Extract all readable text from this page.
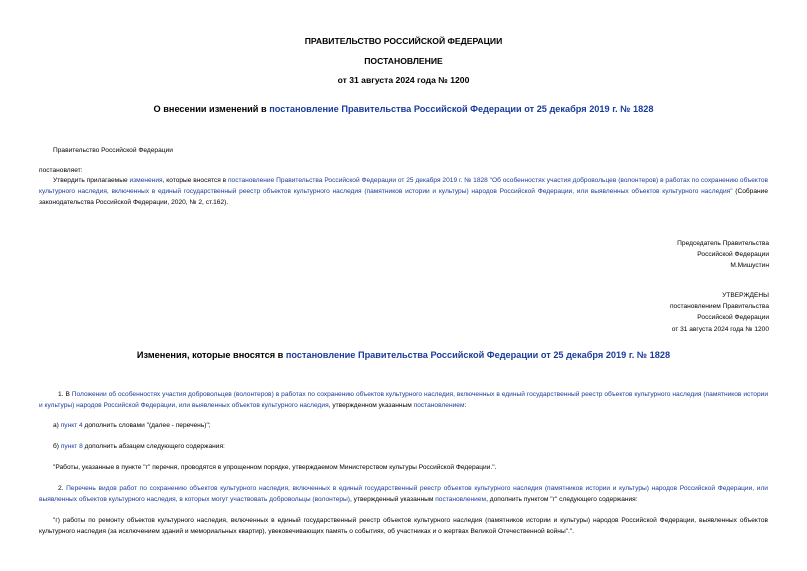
ПРАВИТЕЛЬСТВО РОССИЙСКОЙ ФЕДЕРАЦИИ
ПОСТАНОВЛЕНИЕ
от 31 августа 2024 года № 1200
О внесении изменений в постановление Правительства Российской Федерации от 25 декабря 2019 г. № 1828
Правительство Российской Федерации
постановляет:
Утвердить прилагаемые изменения, которые вносятся в постановление Правительства Российской Федерации от 25 декабря 2019 г. № 1828 "Об особенностях участия добровольцев (волонтеров) в работах по сохранению объектов культурного наследия, включенных в единый государственный реестр объектов культурного наследия (памятников истории и культуры) народов Российской Федерации, или выявленных объектов культурного наследия" (Собрание законодательства Российской Федерации, 2020, № 2, ст.162).
Председатель Правительства
Российской Федерации
М.Мишустин
УТВЕРЖДЕНЫ
постановлением Правительства
Российской Федерации
от 31 августа 2024 года № 1200
Изменения, которые вносятся в постановление Правительства Российской Федерации от 25 декабря 2019 г. № 1828
1. В Положении об особенностях участия добровольцев (волонтеров) в работах по сохранению объектов культурного наследия, включенных в единый государственный реестр объектов культурного наследия (памятников истории и культуры) народов Российской Федерации, или выявленных объектов культурного наследия, утвержденном указанным постановлением:
а) пункт 4 дополнить словами "(далее - перечень)";
б) пункт 8 дополнить абзацем следующего содержания:
"Работы, указанные в пункте "г" перечня, проводятся в упрощенном порядке, утверждаемом Министерством культуры Российской Федерации.".
2. Перечень видов работ по сохранению объектов культурного наследия, включенных в единый государственный реестр объектов культурного наследия (памятников истории и культуры) народов Российской Федерации, или выявленных объектов культурного наследия, в которых могут участвовать добровольцы (волонтеры), утвержденный указанным постановлением, дополнить пунктом "г" следующего содержания:
"г) работы по ремонту объектов культурного наследия, включенных в единый государственный реестр объектов культурного наследия (памятников истории и культуры) народов Российской Федерации, выявленных объектов культурного наследия (за исключением зданий и мемориальных квартир), увековечивающих память о событиях, об участниках и о жертвах Великой Отечественной войны".".
